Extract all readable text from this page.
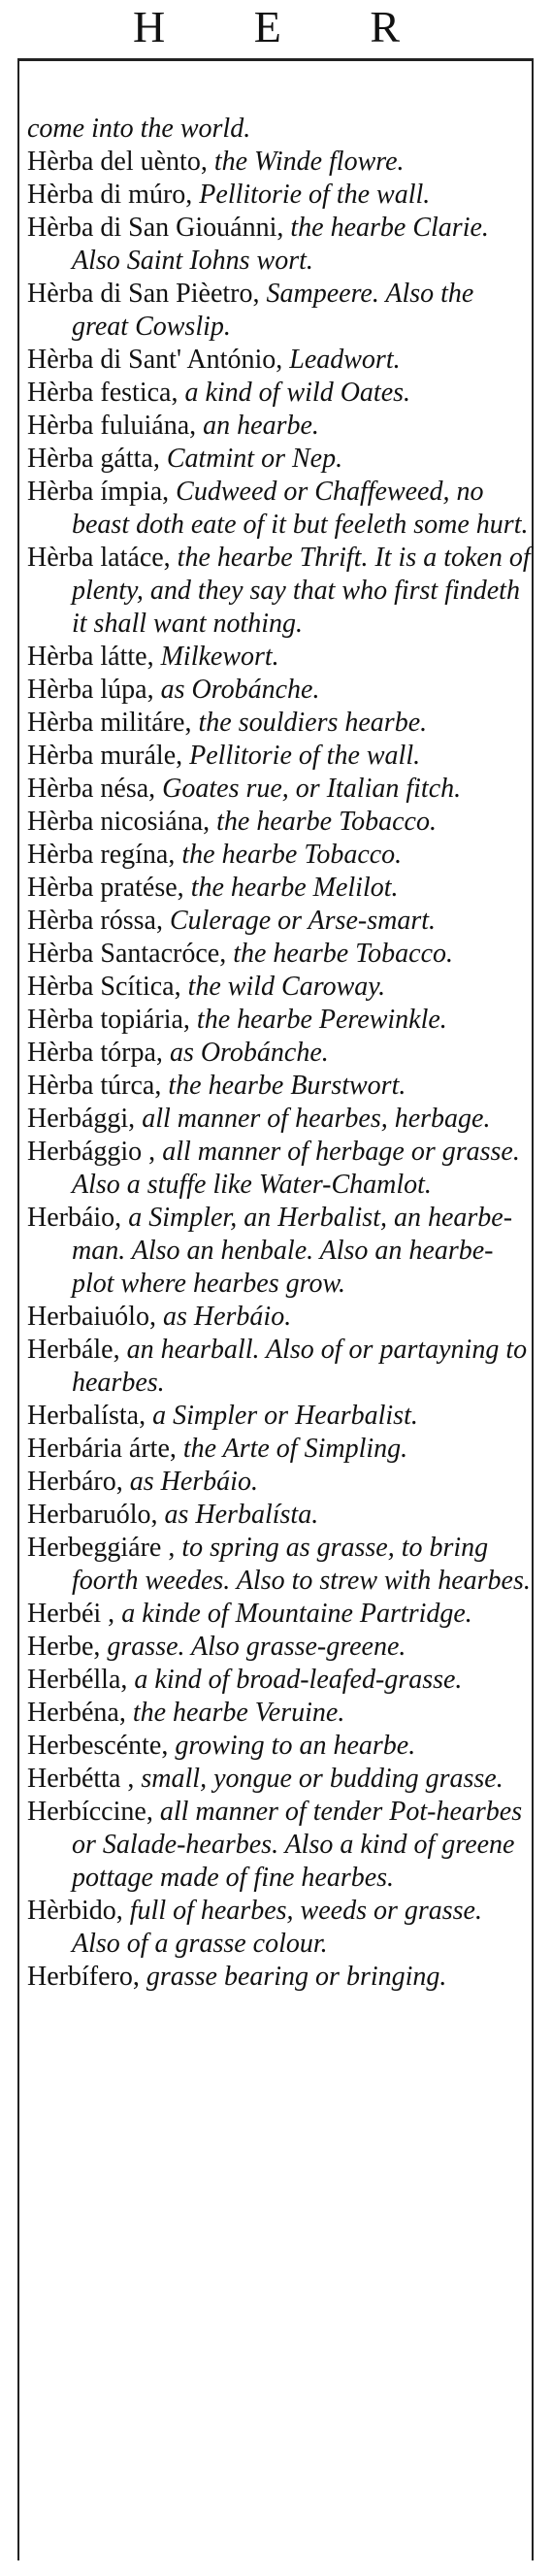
H E R
come into the world.
Hèrba del uènto, the Winde flowre.
Hèrba di múro, Pellitorie of the wall.
Hèrba di San Giouánni, the hearbe Clarie. Also Saint Iohns wort.
Hèrba di San Pièetro, Sampeere. Also the great Cowslip.
Hèrba di Sant' António, Leadwort.
Hèrba festica, a kind of wild Oates.
Hèrba fuluiána, an hearbe.
Hèrba gátta, Catmint or Nep.
Hèrba ímpia, Cudweed or Chaffeweed, no beast doth eate of it but feeleth some hurt.
Hèrba latáce, the hearbe Thrift. It is a token of plenty, and they say that who first findeth it shall want nothing.
Hèrba látte, Milkewort.
Hèrba lúpa, as Orobánche.
Hèrba militáre, the souldiers hearbe.
Hèrba murále, Pellitorie of the wall.
Hèrba nésa, Goates rue, or Italian fitch.
Hèrba nicosiána, the hearbe Tobacco.
Hèrba regína, the hearbe Tobacco.
Hèrba pratése, the hearbe Melilot.
Hèrba róssa, Culerage or Arse-smart.
Hèrba Santacróce, the hearbe Tobacco.
Hèrba Scítica, the wild Caroway.
Hèrba topiária, the hearbe Perewinkle.
Hèrba tórpa, as Orobánche.
Hèrba túrca, the hearbe Burstwort.
Herbággi, all manner of hearbes, herbage.
Herbággio , all manner of herbage or grasse. Also a stuffe like Water-Chamlot.
Herbáio, a Simpler, an Herbalist, an hearbe-man. Also an henbale. Also an hearbe-plot where hearbes grow.
Herbaiuólo, as Herbáio.
Herbále, an hearball. Also of or partayning to hearbes.
Herbalísta, a Simpler or Hearbalist.
Herbária árte, the Arte of Simpling.
Herbáro, as Herbáio.
Herbaruólo, as Herbalísta.
Herbeggiáre , to spring as grasse, to bring foorth weedes. Also to strew with hearbes.
Herbéi , a kinde of Mountaine Partridge.
Herbe, grasse. Also grasse-greene.
Herbélla, a kind of broad-leafed-grasse.
Herbéna, the hearbe Veruine.
Herbescénte, growing to an hearbe.
Herbétta , small, yongue or budding grasse.
Herbíccine, all manner of tender Pot-hearbes or Salade-hearbes. Also a kind of greene pottage made of fine hearbes.
Hèrbido, full of hearbes, weeds or grasse. Also of a grasse colour.
Herbífero, grasse bearing or bringing.
